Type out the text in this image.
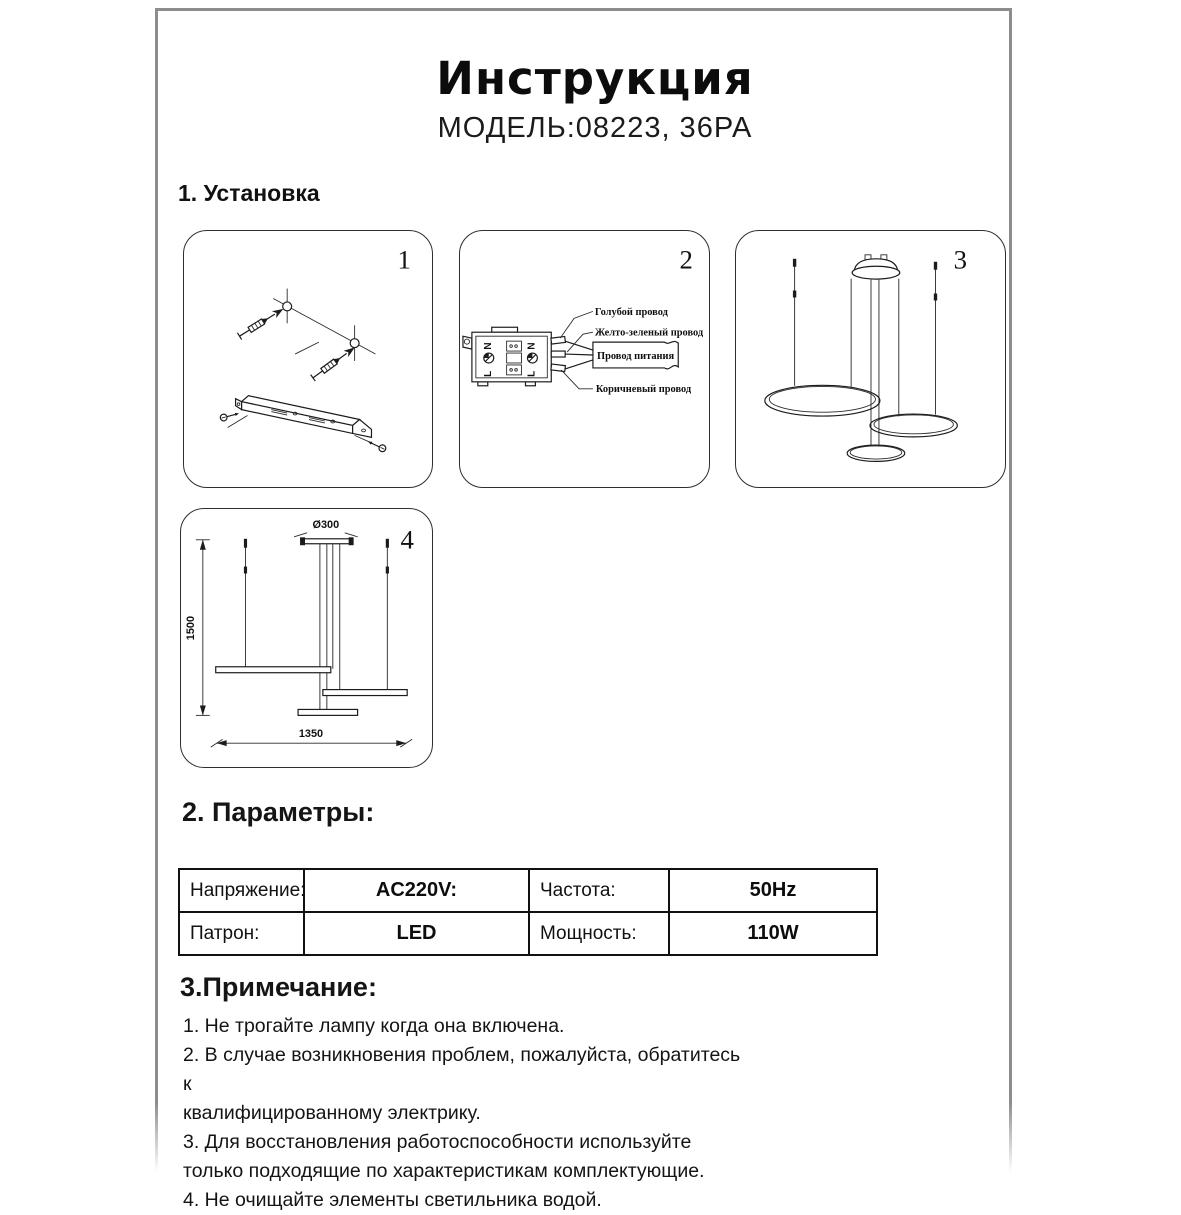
Инструкция
МОДЕЛЬ:08223, 36PA
1. Установка
1	2
N
L
N
L
Провод питания
Голубой провод
Желто-зеленый провод
Коричневый провод
3
4
Ø300
1500
1350
2. Параметры:
Напряжение:	AC220V:	Частота:	50Hz
Патрон:	LED	Мощность:	110W
3.Примечание:
1. Не трогайте лампу когда она включена.
2. В случае возникновения проблем, пожалуйста, обратитесь к
квалифицированному электрику.
3. Для восстановления работоспособности используйте
только подходящие по характеристикам комплектующие.
4. Не очищайте элементы светильника водой.
